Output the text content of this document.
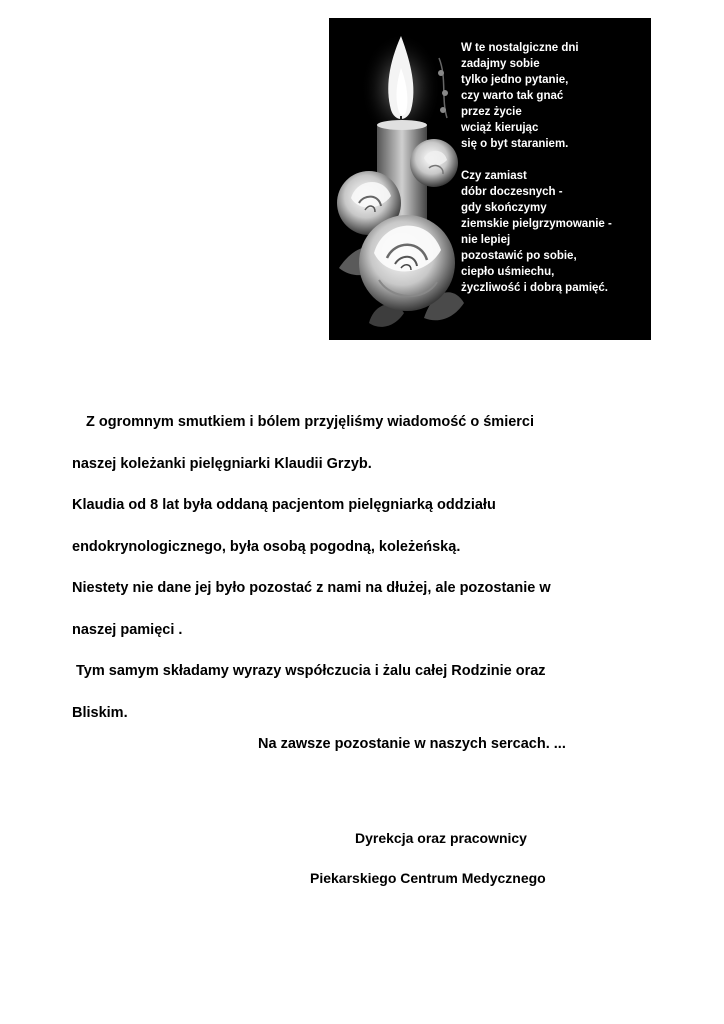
W te nostalgiczne dni
zadajmy sobie
tylko jedno pytanie,
czy warto tak gnać
przez życie
wciąż kierując
się o byt staraniem.

Czy zamiast
dóbr doczesnych -
gdy skończymy
ziemskie pielgrzymowanie -
nie lepiej
pozostawić po sobie,
ciepło uśmiechu,
życzliwość i dobrą pamięć.

Z ogromnym smutkiem i bólem przyjęliśmy wiadomość o śmierci
naszej koleżanki pielęgniarki Klaudii Grzyb.
Klaudia od 8 lat była oddaną pacjentom pielęgniarką oddziału
endokrynologicznego, była osobą pogodną, koleżeńską.
Niestety nie dane jej było pozostać z nami na dłużej, ale pozostanie w
naszej pamięci .
Tym samym składamy wyrazy współczucia i żalu całej Rodzinie oraz
Bliskim.
Na zawsze pozostanie w naszych sercach. ...
Dyrekcja oraz pracownicy
Piekarskiego Centrum Medycznego
